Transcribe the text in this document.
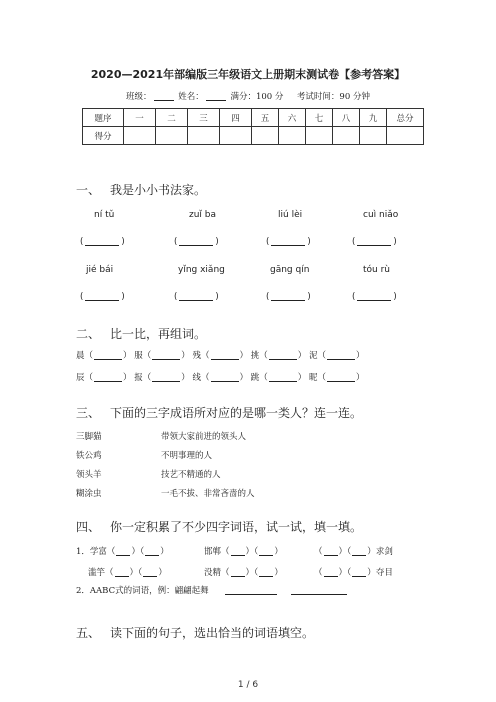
2020—2021年部编版三年级语文上册期末测试卷【参考答案】
班级：	姓名：	满分：100 分 考试时间：90 分钟
题序	一	二	三	四	五	六	七	八	九	总分
得分										
一、 我是小小书法家。
ní tǔ	zuǐ ba	liú lèi	cuì niǎo
(	)	(	)	(	)	(	)
jié bái	yǐng xiǎng	gāng qín	tóu rù
(	)	(	)	(	)	(	)
二、 比一比，再组词。
晨（	） 服（	） 残（	） 挑（	） 泥（	）
辰（	） 报（	） 线（	） 跳（	） 昵（	）
三、 下面的三字成语所对应的是哪一类人？连一连。
三脚猫
铁公鸡
领头羊
糊涂虫
带领大家前进的领头人
不明事理的人
技艺不精通的人
一毛不拔、非常吝啬的人
四、 你一定积累了不少四字词语，试一试，填一填。
1．学富（ ）（ ）	邯郸（ ）（ ）	（ ）（ ）求剑
滥竽（ ）（ ）	没精（ ）（ ）	（ ）（ ）夺目
2．AABC式的词语，例：翩翩起舞
五、 读下面的句子，选出恰当的词语填空。
1 / 6
